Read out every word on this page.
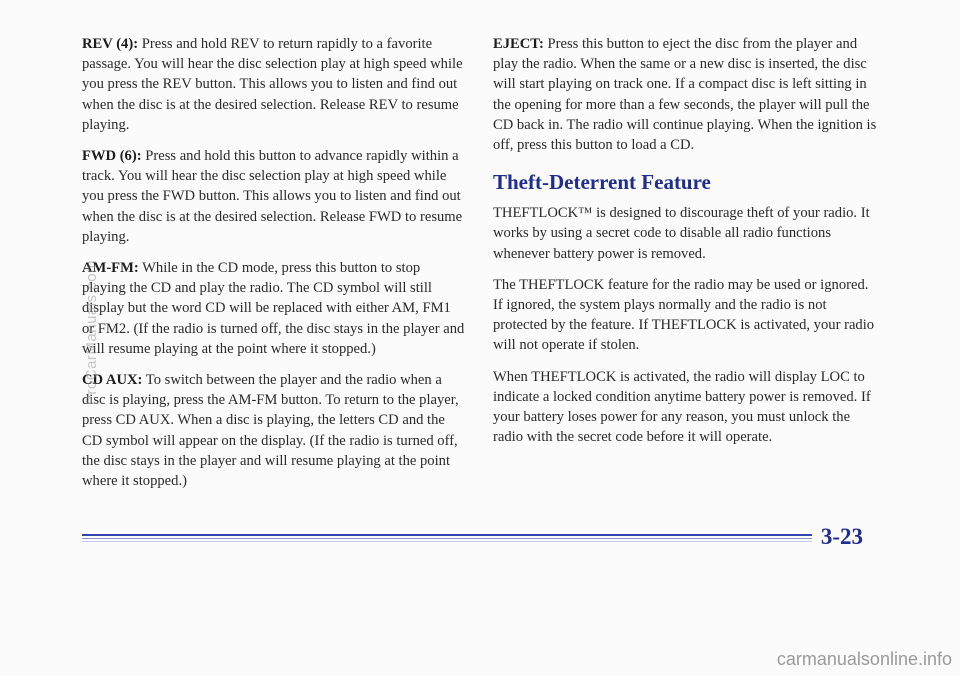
REV (4): Press and hold REV to return rapidly to a favorite passage. You will hear the disc selection play at high speed while you press the REV button. This allows you to listen and find out when the disc is at the desired selection. Release REV to resume playing.

FWD (6): Press and hold this button to advance rapidly within a track. You will hear the disc selection play at high speed while you press the FWD button. This allows you to listen and find out when the disc is at the desired selection. Release FWD to resume playing.

AM-FM: While in the CD mode, press this button to stop playing the CD and play the radio. The CD symbol will still display but the word CD will be replaced with either AM, FM1 or FM2. (If the radio is turned off, the disc stays in the player and will resume playing at the point where it stopped.)

CD AUX: To switch between the player and the radio when a disc is playing, press the AM-FM button. To return to the player, press CD AUX. When a disc is playing, the letters CD and the CD symbol will appear on the display. (If the radio is turned off, the disc stays in the player and will resume playing at the point where it stopped.)

EJECT: Press this button to eject the disc from the player and play the radio. When the same or a new disc is inserted, the disc will start playing on track one. If a compact disc is left sitting in the opening for more than a few seconds, the player will pull the CD back in. The radio will continue playing. When the ignition is off, press this button to load a CD.

Theft-Deterrent Feature

THEFTLOCK™ is designed to discourage theft of your radio. It works by using a secret code to disable all radio functions whenever battery power is removed.

The THEFTLOCK feature for the radio may be used or ignored. If ignored, the system plays normally and the radio is not protected by the feature. If THEFTLOCK is activated, your radio will not operate if stolen.

When THEFTLOCK is activated, the radio will display LOC to indicate a locked condition anytime battery power is removed. If your battery loses power for any reason, you must unlock the radio with the secret code before it will operate.

ProCarManuals.com
3-23
carmanualsonline.info
